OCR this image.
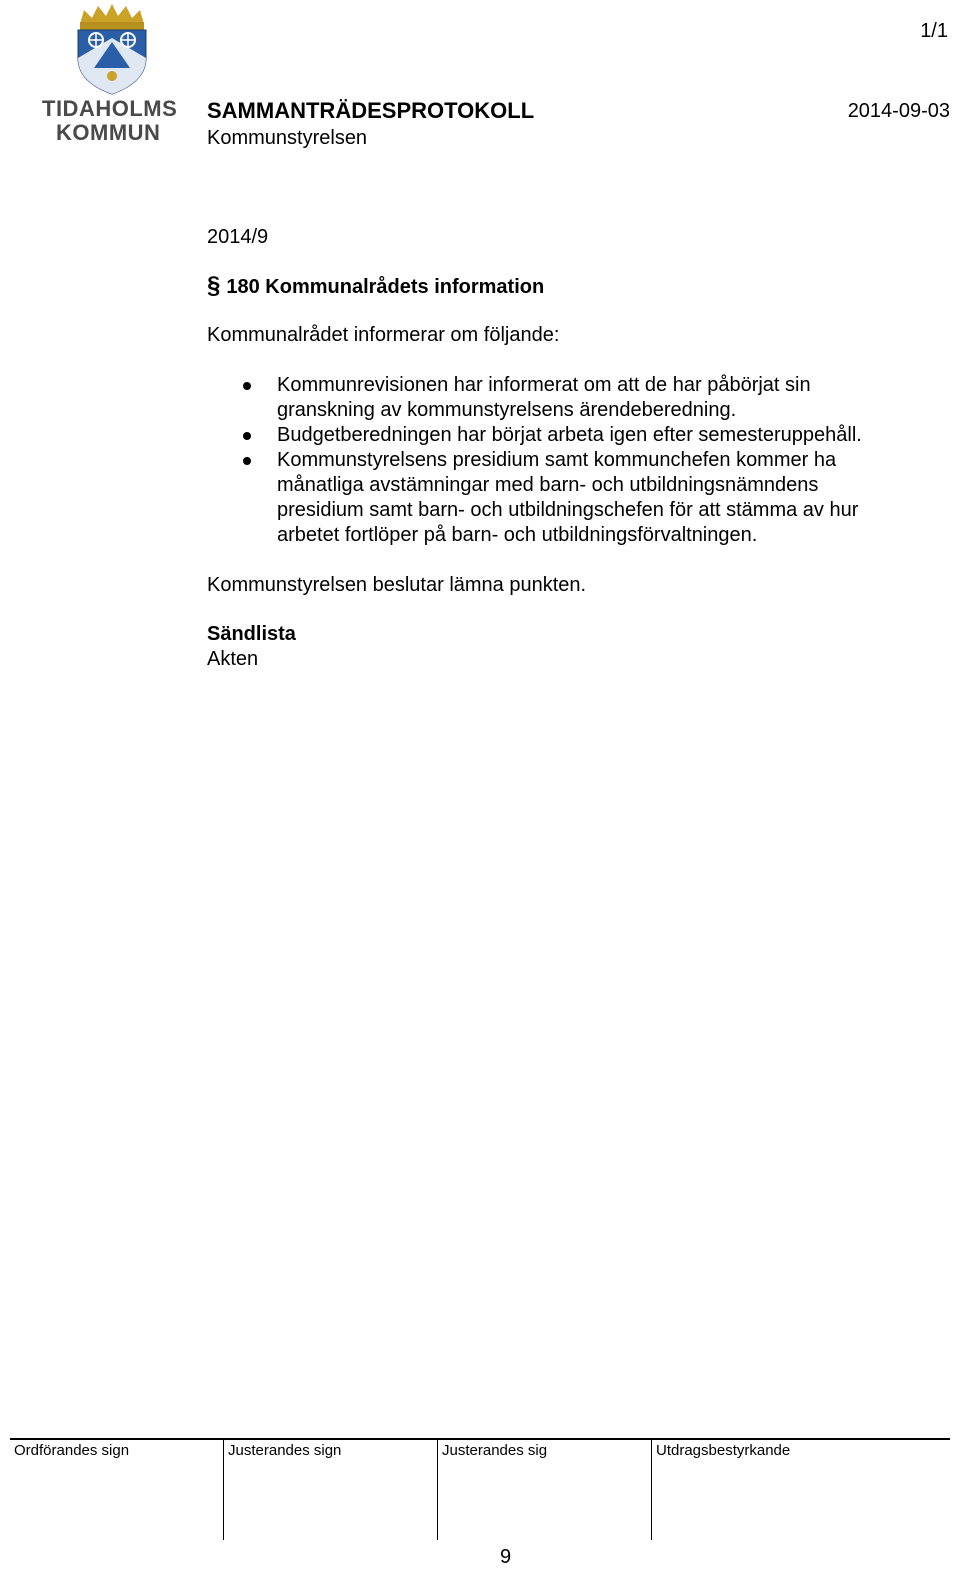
TIDAHOLMS
KOMMUN
1/1
SAMMANTRÄDESPROTOKOLL	2014-09-03
Kommunstyrelsen
2014/9
§ 180 Kommunalrådets information
Kommunalrådet informerar om följande:
Kommunrevisionen har informerat om att de har påbörjat sin granskning av kommunstyrelsens ärendeberedning.
Budgetberedningen har börjat arbeta igen efter semesteruppehåll.
Kommunstyrelsens presidium samt kommunchefen kommer ha månatliga avstämningar med barn- och utbildningsnämndens presidium samt barn- och utbildningschefen för att stämma av hur arbetet fortlöper på barn- och utbildningsförvaltningen.
Kommunstyrelsen beslutar lämna punkten.
Sändlista
Akten
Ordförandes sign	Justerandes sign	Justerandes sig	Utdragsbestyrkande
9
